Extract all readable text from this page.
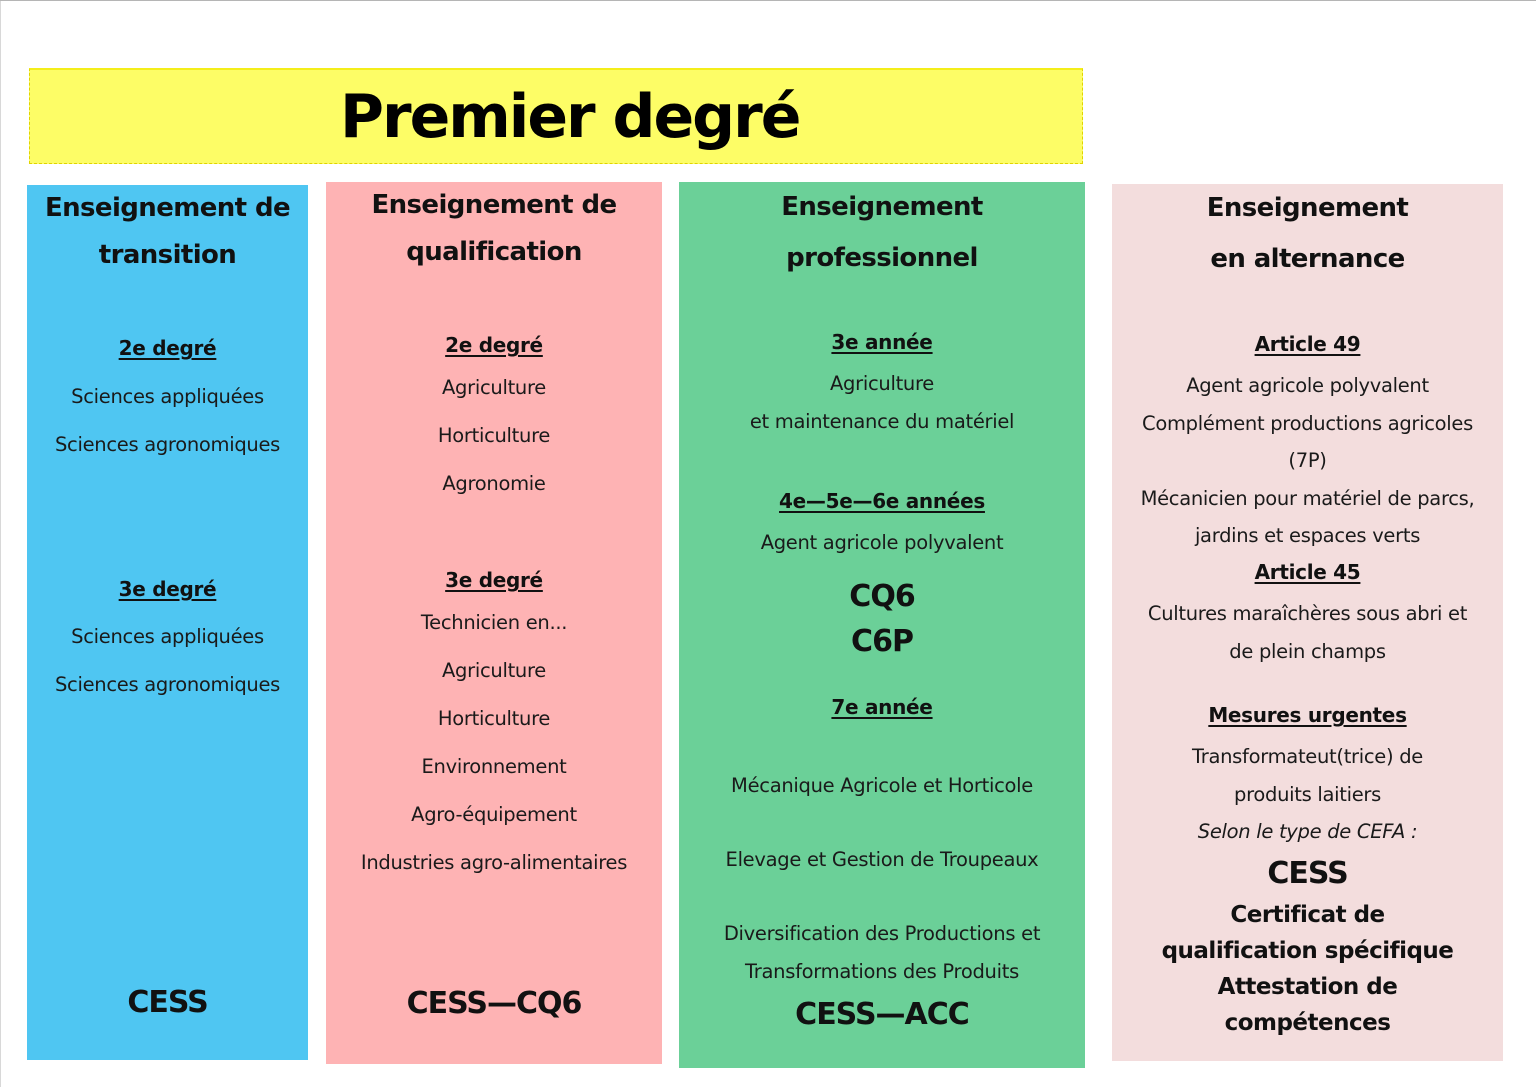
Premier degré
Enseignement de
transition
2e degré
Sciences appliquées
Sciences agronomiques
3e degré
Sciences appliquées
Sciences agronomiques
CESS
Enseignement de
qualification
2e degré
Agriculture
Horticulture
Agronomie
3e degré
Technicien en...
Agriculture
Horticulture
Environnement
Agro-équipement
Industries agro-alimentaires
CESS—CQ6
Enseignement
professionnel
3e année
Agriculture
et maintenance du matériel
4e—5e—6e années
Agent agricole polyvalent
CQ6
C6P
7e année
Mécanique Agricole et Horticole
Elevage et Gestion de Troupeaux
Diversification des Productions et
Transformations des Produits
CESS—ACC
Enseignement
en alternance
Article 49
Agent agricole polyvalent
Complément productions agricoles
(7P)
Mécanicien pour matériel de parcs,
jardins et espaces verts
Article 45
Cultures maraîchères sous abri et
de plein champs
Mesures urgentes
Transformateut(trice) de
produits laitiers
Selon le type de CEFA :
CESS
Certificat de
qualification spécifique
Attestation de
compétences
